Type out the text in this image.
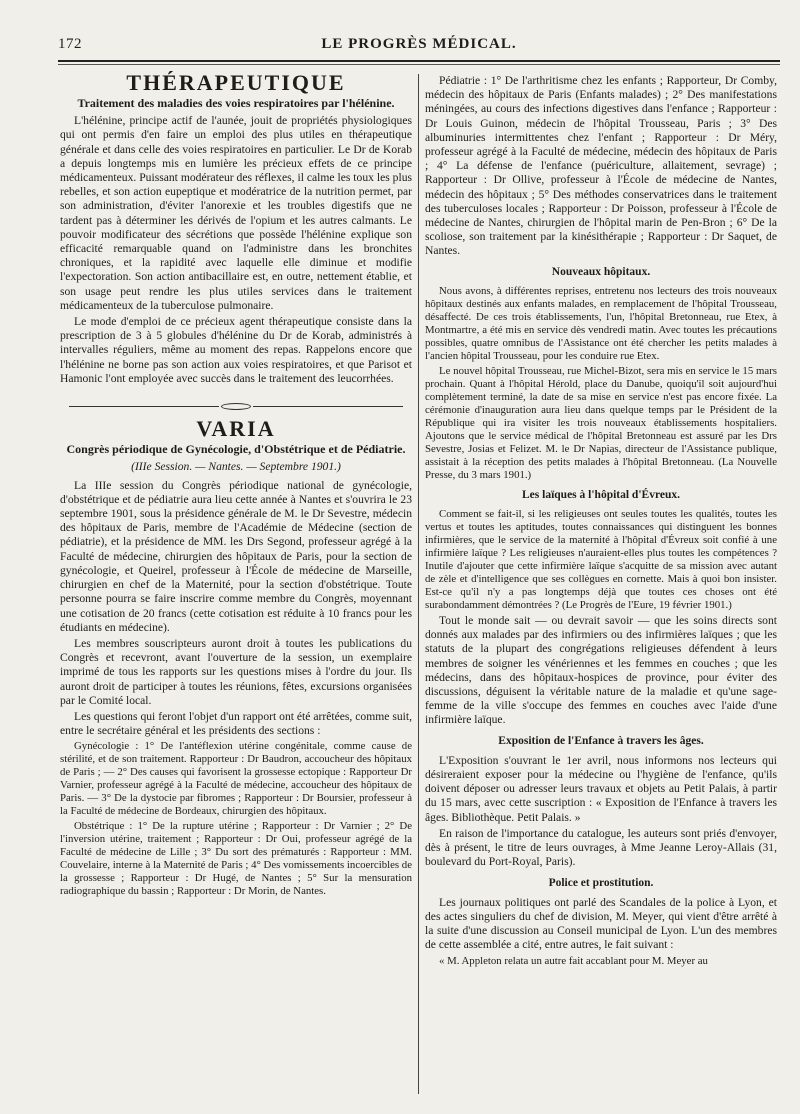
172	LE PROGRÈS MÉDICAL.
THÉRAPEUTIQUE
Traitement des maladies des voies respiratoires par l'hélénine.

L'hélénine, principe actif de l'aunée, jouit de propriétés physiologiques qui ont permis d'en faire un emploi des plus utiles en thérapeutique générale et dans celle des voies respiratoires en particulier. Le Dr de Korab a depuis longtemps mis en lumière les précieux effets de ce principe médicamenteux. Puissant modérateur des réflexes, il calme les toux les plus rebelles, et son action eupeptique et modératrice de la nutrition permet, par son administration, d'éviter l'anorexie et les troubles digestifs que ne tardent pas à déterminer les dérivés de l'opium et les autres calmants. Le pouvoir modificateur des sécrétions que possède l'hélénine explique son efficacité remarquable quand on l'administre dans les bronchites chroniques, et la rapidité avec laquelle elle diminue et modifie l'expectoration. Son action antibacillaire est, en outre, nettement établie, et son usage peut rendre les plus utiles services dans le traitement médicamenteux de la tuberculose pulmonaire.

Le mode d'emploi de ce précieux agent thérapeutique consiste dans la prescription de 3 à 5 globules d'hélénine du Dr de Korab, administrés à intervalles réguliers, même au moment des repas. Rappelons encore que l'hélénine ne borne pas son action aux voies respiratoires, et que Parisot et Hamonic l'ont employée avec succès dans le traitement des leucorrhées.

VARIA
Congrès périodique de Gynécologie, d'Obstétrique et de Pédiatrie.
(IIIe Session. — Nantes. — Septembre 1901.)

La IIIe session du Congrès périodique national de gynécologie, d'obstétrique et de pédiatrie aura lieu cette année à Nantes et s'ouvrira le 23 septembre 1901, sous la présidence générale de M. le Dr Sevestre, médecin des hôpitaux de Paris, membre de l'Académie de Médecine (section de pédiatrie), et la présidence de MM. les Drs Segond, professeur agrégé à la Faculté de médecine, chirurgien des hôpitaux de Paris, pour la section de gynécologie, et Queirel, professeur à l'École de médecine de Marseille, chirurgien en chef de la Maternité, pour la section d'obstétrique. Toute personne pourra se faire inscrire comme membre du Congrès, moyennant une cotisation de 20 francs (cette cotisation est réduite à 10 francs pour les étudiants en médecine).

Les membres souscripteurs auront droit à toutes les publications du Congrès et recevront, avant l'ouverture de la session, un exemplaire imprimé de tous les rapports sur les questions mises à l'ordre du jour. Ils auront droit de participer à toutes les réunions, fêtes, excursions organisées par le Comité local.

Les questions qui feront l'objet d'un rapport ont été arrêtées, comme suit, entre le secrétaire général et les présidents des sections :

Gynécologie : 1° De l'antéflexion utérine congénitale, comme cause de stérilité, et de son traitement. Rapporteur : Dr Baudron, accoucheur des hôpitaux de Paris ; — 2° Des causes qui favorisent la grossesse ectopique : Rapporteur Dr Varnier, professeur agrégé à la Faculté de médecine, accoucheur des hôpitaux de Paris. — 3° De la dystocie par fibromes ; Rapporteur : Dr Boursier, professeur à la Faculté de médecine de Bordeaux, chirurgien des hôpitaux.

Obstétrique : 1° De la rupture utérine ; Rapporteur : Dr Varnier ; 2° De l'inversion utérine, traitement ; Rapporteur : Dr Oui, professeur agrégé de la Faculté de médecine de Lille ; 3° Du sort des prématurés : Rapporteur : MM. Couvelaire, interne à la Maternité de Paris ; 4° Des vomissements incoercibles de la grossesse ; Rapporteur : Dr Hugé, de Nantes ; 5° Sur la mensuration radiographique du bassin ; Rapporteur : Dr Morin, de Nantes.

Pédiatrie : 1° De l'arthritisme chez les enfants ; Rapporteur, Dr Comby, médecin des hôpitaux de Paris (Enfants malades) ; 2° Des manifestations méningées, au cours des infections digestives dans l'enfance ; Rapporteur : Dr Louis Guinon, médecin de l'hôpital Trousseau, Paris ; 3° Des albuminuries intermittentes chez l'enfant ; Rapporteur : Dr Méry, professeur agrégé à la Faculté de médecine, médecin des hôpitaux de Paris ; 4° La défense de l'enfance (puériculture, allaitement, sevrage) ; Rapporteur : Dr Ollive, professeur à l'École de médecine de Nantes, médecin des hôpitaux ; 5° Des méthodes conservatrices dans le traitement des tuberculoses locales ; Rapporteur : Dr Poisson, professeur à l'École de médecine de Nantes, chirurgien de l'hôpital marin de Pen-Bron ; 6° De la scoliose, son traitement par la kinésithérapie ; Rapporteur : Dr Saquet, de Nantes.

Nouveaux hôpitaux.

Nous avons, à différentes reprises, entretenu nos lecteurs des trois nouveaux hôpitaux destinés aux enfants malades, en remplacement de l'hôpital Trousseau, désaffecté. De ces trois établissements, l'un, l'hôpital Bretonneau, rue Etex, à Montmartre, a été mis en service dès vendredi matin. Avec toutes les précautions possibles, quatre omnibus de l'Assistance ont été chercher les petits malades à l'ancien hôpital Trousseau, pour les conduire rue Etex.

Le nouvel hôpital Trousseau, rue Michel-Bizot, sera mis en service le 15 mars prochain. Quant à l'hôpital Hérold, place du Danube, quoiqu'il soit aujourd'hui complètement terminé, la date de sa mise en service n'est pas encore fixée. La cérémonie d'inauguration aura lieu dans quelque temps par le Président de la République qui ira visiter les trois nouveaux établissements hospitaliers. Ajoutons que le service médical de l'hôpital Bretonneau est assuré par les Drs Sevestre, Josias et Felizet. M. le Dr Napias, directeur de l'Assistance publique, assistait à la réception des petits malades à l'hôpital Bretonneau. (La Nouvelle Presse, du 3 mars 1901.)

Les laïques à l'hôpital d'Évreux.

Comment se fait-il, si les religieuses ont seules toutes les qualités, toutes les vertus et toutes les aptitudes, toutes connaissances qui distinguent les bonnes infirmières, que le service de la maternité à l'hôpital d'Évreux soit confié à une infirmière laïque ? Les religieuses n'auraient-elles plus toutes les compétences ? Inutile d'ajouter que cette infirmière laïque s'acquitte de sa mission avec autant de zèle et d'intelligence que ses collègues en cornette. Mais à quoi bon insister. Est-ce qu'il n'y a pas longtemps déjà que toutes ces choses ont été surabondamment démontrées ? (Le Progrès de l'Eure, 19 février 1901.)

Tout le monde sait — ou devrait savoir — que les soins directs sont donnés aux malades par des infirmiers ou des infirmières laïques ; que les statuts de la plupart des congrégations religieuses défendent à leurs membres de soigner les vénériennes et les femmes en couches ; que les médecins, dans des hôpitaux-hospices de province, pour éviter des discussions, déguisent la véritable nature de la maladie et qu'une sage-femme de la ville s'occupe des femmes en couches avec l'aide d'une infirmière laïque.

Exposition de l'Enfance à travers les âges.

L'Exposition s'ouvrant le 1er avril, nous informons nos lecteurs qui désireraient exposer pour la médecine ou l'hygiène de l'enfance, qu'ils doivent déposer ou adresser leurs travaux et objets au Petit Palais, à partir du 15 mars, avec cette suscription : « Exposition de l'Enfance à travers les âges. Bibliothèque. Petit Palais. »

En raison de l'importance du catalogue, les auteurs sont priés d'envoyer, dès à présent, le titre de leurs ouvrages, à Mme Jeanne Leroy-Allais (31, boulevard du Port-Royal, Paris).

Police et prostitution.

Les journaux politiques ont parlé des Scandales de la police à Lyon, et des actes singuliers du chef de division, M. Meyer, qui vient d'être arrêté à la suite d'une discussion au Conseil municipal de Lyon. L'un des membres de cette assemblée a cité, entre autres, le fait suivant :

« M. Appleton relata un autre fait accablant pour M. Meyer au
